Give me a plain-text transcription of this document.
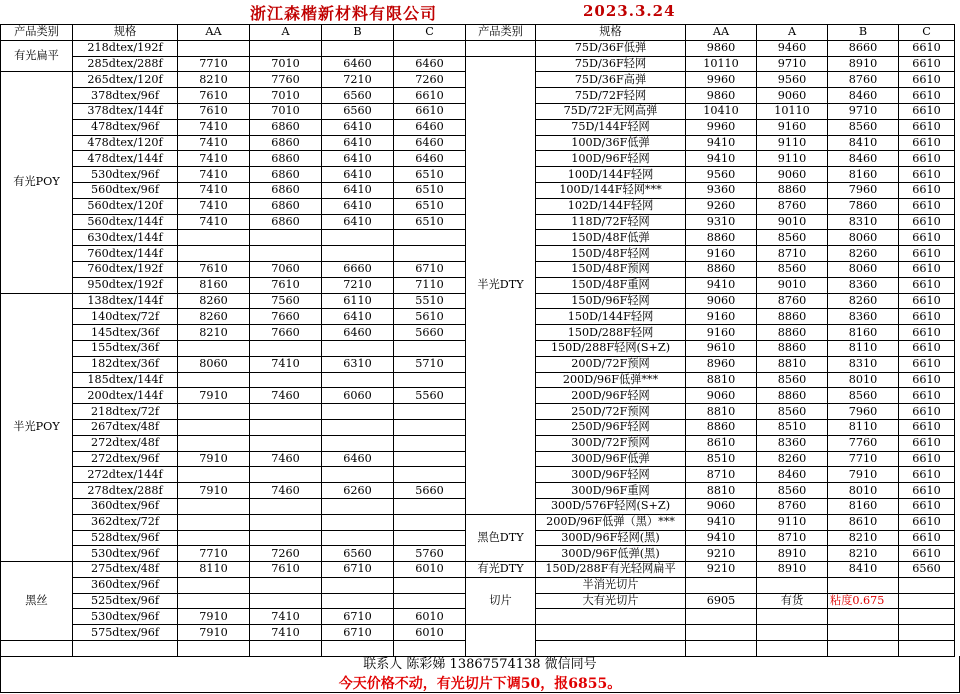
浙江森楷新材料有限公司	2023.3.24
产品类别	规格	AA	A	B	C	产品类别	规格	AA	A	B	C
有光扁平	218dtex/192f						75D/36F低弹	9860	9460	8660	6610
	285dtex/288f	7710	7010	6460	6460	半光DTY	75D/36F轻网	10110	9710	8910	6610
有光POY	265dtex/120f	8210	7760	7210	7260		75D/36F高弹	9960	9560	8760	6610
	378dtex/96f	7610	7010	6560	6610		75D/72F轻网	9860	9060	8460	6610
	378dtex/144f	7610	7010	6560	6610		75D/72F无网高弹	10410	10110	9710	6610
	478dtex/96f	7410	6860	6410	6460		75D/144F轻网	9960	9160	8560	6610
	478dtex/120f	7410	6860	6410	6460		100D/36F低弹	9410	9110	8410	6610
	478dtex/144f	7410	6860	6410	6460		100D/96F轻网	9410	9110	8460	6610
	530dtex/96f	7410	6860	6410	6510		100D/144F轻网	9560	9060	8160	6610
	560dtex/96f	7410	6860	6410	6510		100D/144F轻网***	9360	8860	7960	6610
	560dtex/120f	7410	6860	6410	6510		102D/144F轻网	9260	8760	7860	6610
	560dtex/144f	7410	6860	6410	6510		118D/72F轻网	9310	9010	8310	6610
	630dtex/144f						150D/48F低弹	8860	8560	8060	6610
	760dtex/144f						150D/48F轻网	9160	8710	8260	6610
	760dtex/192f	7610	7060	6660	6710		150D/48F预网	8860	8560	8060	6610
	950dtex/192f	8160	7610	7210	7110		150D/48F重网	9410	9010	8360	6610
半光POY	138dtex/144f	8260	7560	6110	5510		150D/96F轻网	9060	8760	8260	6610
	140dtex/72f	8260	7660	6410	5610		150D/144F轻网	9160	8860	8360	6610
	145dtex/36f	8210	7660	6460	5660		150D/288F轻网	9160	8860	8160	6610
	155dtex/36f						150D/288F轻网(S+Z)	9610	8860	8110	6610
	182dtex/36f	8060	7410	6310	5710		200D/72F预网	8960	8810	8310	6610
	185dtex/144f						200D/96F低弹***	8810	8560	8010	6610
	200dtex/144f	7910	7460	6060	5560		200D/96F轻网	9060	8860	8560	6610
	218dtex/72f						250D/72F预网	8810	8560	7960	6610
	267dtex/48f						250D/96F轻网	8860	8510	8110	6610
	272dtex/48f						300D/72F预网	8610	8360	7760	6610
	272dtex/96f	7910	7460	6460			300D/96F低弹	8510	8260	7710	6610
	272dtex/144f						300D/96F轻网	8710	8460	7910	6610
	278dtex/288f	7910	7460	6260	5660		300D/96F重网	8810	8560	8010	6610
	360dtex/96f						300D/576F轻网(S+Z)	9060	8760	8160	6610
	362dtex/72f					黑色DTY	200D/96F低弹（黑）***	9410	9110	8610	6610
	528dtex/96f						300D/96F轻网(黑)	9410	8710	8210	6610
	530dtex/96f	7710	7260	6560	5760		300D/96F低弹(黑)	9210	8910	8210	6610
黑丝	275dtex/48f	8110	7610	6710	6010	有光DTY	150D/288F有光轻网扁平	9210	8910	8410	6560
	360dtex/96f					切片	半消光切片				
	525dtex/96f						大有光切片	6905	有货	粘度0.675	
	530dtex/96f	7910	7410	6710	6010						
	575dtex/96f	7910	7410	6710	6010						

联系人 陈彩娣 13867574138 微信同号
今天价格不动，有光切片下调50，报6855。
